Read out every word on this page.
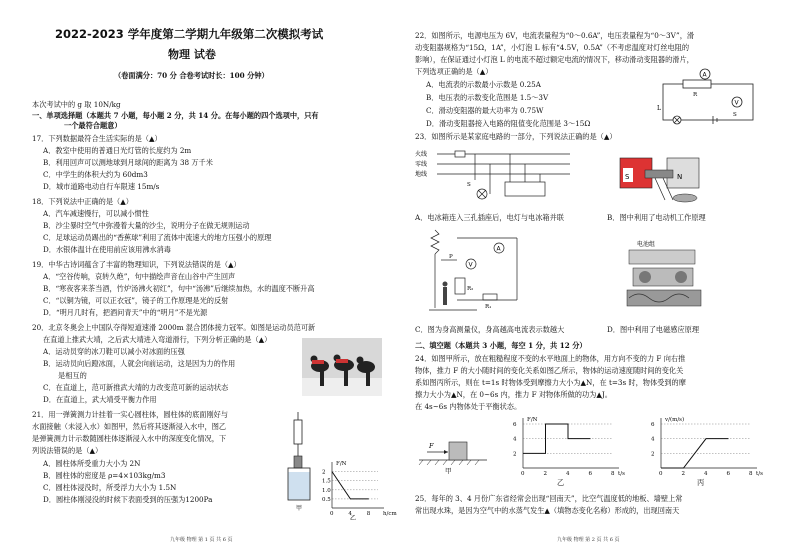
2022-2023 学年度第二学期九年级第二次模拟考试
物理 试卷
（卷面满分：70 分 合卷考试时长：100 分钟）
本次考试中的 g 取 10N/kg
一、单项选择题（本题共 7 小题，每小题 2 分，共 14 分。在每小题的四个选项中，只有
一个最符合题意）
17．下列数据最符合生活实际的是（▲）
A．教室中使用的普通日光灯管的长度约为 2m
B．利用回声可以测地球到月球间的距离为 38 万千米
C．中学生的体积大约为 60dm3
D．城市道路电动自行车限速 15m/s
18．下列说法中正确的是（▲）
A．汽车减速慢行，可以减小惯性
B．沙尘暴时空气中弥漫着大量的沙尘，说明分子在做无规则运动
C．足球运动员踢出的“香蕉球”利用了流体中流速大的地方压强小的原理
D．水银体温计在使用前应该用沸水消毒
19．中华古诗词蕴含了丰富的物理知识，下列说法错误的是（▲）
A．“空谷传响，哀转久绝”，句中描绘声音在山谷中产生回声
B．“寒夜客来茶当酒，竹炉汤沸火初红”，句中“汤沸”后继续加热，水的温度不断升高
C．“以铜为镜，可以正衣冠”，镜子的工作原理是光的反射
D．“明月几时有，把酒问青天”中的“明月”不是光源
20．北京冬奥会上中国队夺得短道速滑 2000m 混合团体接力冠军。如图是运动员范可新
在直道上推武大靖，之后武大靖进入弯道滑行，下列分析正确的是（▲）
A．运动员穿的冰刀鞋可以减小对冰面的压强
B．运动员向后蹬冰面，人就会向前运动，这是因为力的作用
是相互的
C．在直道上，范可新推武大靖的力改变范可新的运动状态
D．在直道上，武大靖受平衡力作用
21．用一弹簧测力计挂着一实心圆柱体，圆柱体的底面刚好与
水面接触（未浸入水）如图甲，然后将其逐渐浸入水中，图乙
是弹簧测力计示数随圆柱体逐渐浸入水中的深度变化情况，下
列说法错误的是（▲）
A．圆柱体所受重力大小为 2N
B．圆柱体的密度是 ρ=4×103kg/m3
C．圆柱体浸没时，所受浮力大小为 1.5N
D．圆柱体刚浸没的时候下表面受到的压强为1200Pa
甲
F/N
h/cm
0	4	8
0.5
1.0
1.5
2
乙
九年级 物理 第 1 页 共 6 页
22．如图所示，电源电压为 6V，电流表量程为“0～0.6A”，电压表量程为“0～3V”，滑
动变阻器规格为“15Ω，1A”，小灯泡 L 标有“4.5V，0.5A”（不考虑温度对灯丝电阻的
影响），在保证通过小灯泡 L 的电流不超过额定电流的情况下，移动滑动变阻器的滑片，
下列选项正确的是（▲）
A．电流表的示数最小示数是 0.25A
B．电压表的示数变化范围是 1.5～3V
C．滑动变阻器的最大功率为 0.75W
D．滑动变阻器接入电路的阻值变化范围是 3～15Ω
A
V
L
R
S
23．如图所示是某家庭电路的一部分，下列说法正确的是（▲）
火线
零线
地线
S
S	N
A．电冰箱连入三孔插座后，电灯与电冰箱并联	B．图中利用了电动机工作原理
V
A
R₂
R₁
P
电池组
C．图为身高测量仪，身高越高电流表示数越大	D．图中利用了电磁感应原理
二、填空题（本题共 3 小题，每空 1 分，共 12 分）
24．如图甲所示，放在粗糙程度不变的水平地面上的物体，用方向不变的力 F 向右推
物体，推力 F 的大小随时间的变化关系如图乙所示，物体的运动速度随时间的变化关
系如图丙所示，则在 t=1s 时物体受到摩擦力大小为▲N，在 t=3s 时，物体受到的摩
擦力大小为▲N，在 0~6s 内，推力 F 对物体所做的功为▲J。
在 4s~6s 内物体处于平衡状态。
F
甲
F/N
t/s
0	2	4	6	8
2
4
6
乙
v/(m/s)
t/s
0	2	4	6	8
2
4
6
丙
25．每年的 3、4 月份广东省经常会出现“回南天”，比空气温度低的地板、墙壁上常
常出现水珠，是因为空气中的水蒸气发生▲（填物态变化名称）形成的，出现回南天
九年级 物理 第 2 页 共 6 页
